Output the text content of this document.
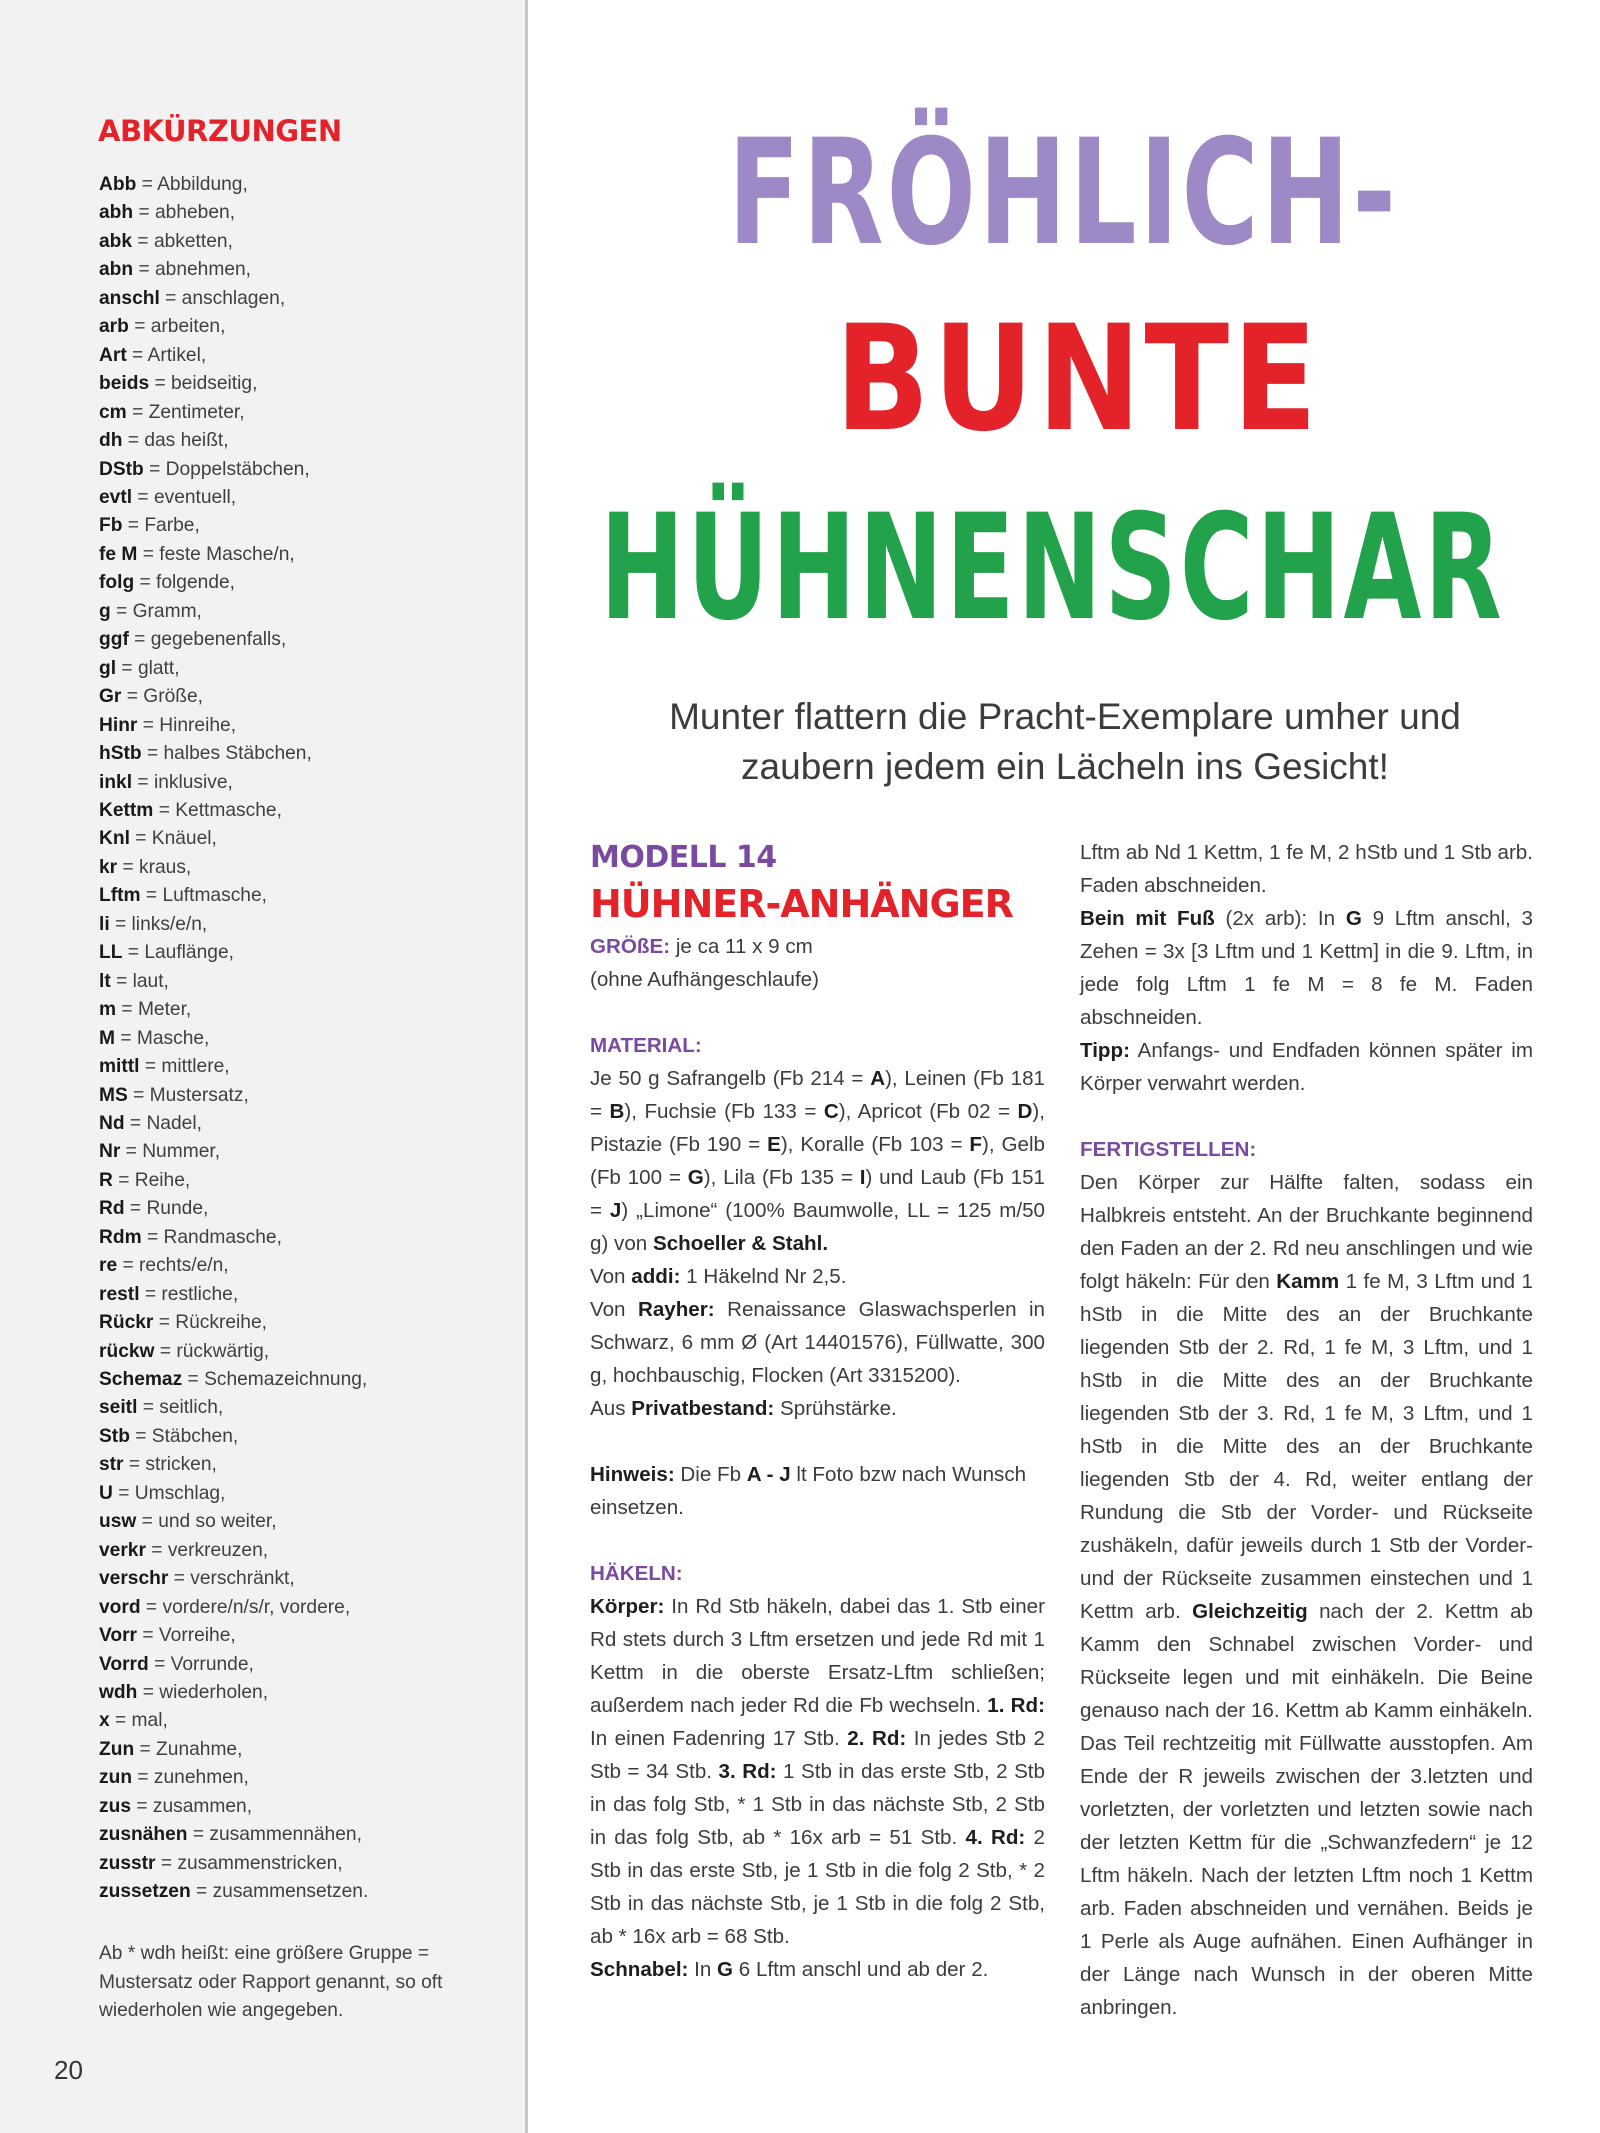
ABKÜRZUNGEN
Abb = Abbildung,
abh = abheben,
abk = abketten,
abn = abnehmen,
anschl = anschlagen,
arb = arbeiten,
Art = Artikel,
beids = beidseitig,
cm = Zentimeter,
dh = das heißt,
DStb = Doppelstäbchen,
evtl = eventuell,
Fb = Farbe,
fe M = feste Masche/n,
folg = folgende,
g = Gramm,
ggf = gegebenenfalls,
gl = glatt,
Gr = Größe,
Hinr = Hinreihe,
hStb = halbes Stäbchen,
inkl = inklusive,
Kettm = Kettmasche,
Knl = Knäuel,
kr = kraus,
Lftm = Luftmasche,
li = links/e/n,
LL = Lauflänge,
lt = laut,
m = Meter,
M = Masche,
mittl = mittlere,
MS = Mustersatz,
Nd = Nadel,
Nr = Nummer,
R = Reihe,
Rd = Runde,
Rdm = Randmasche,
re = rechts/e/n,
restl = restliche,
Rückr = Rückreihe,
rückw = rückwärtig,
Schemaz = Schemazeichnung,
seitl = seitlich,
Stb = Stäbchen,
str = stricken,
U = Umschlag,
usw = und so weiter,
verkr = verkreuzen,
verschr = verschränkt,
vord = vordere/n/s/r, vordere,
Vorr = Vorreihe,
Vorrd = Vorrunde,
wdh = wiederholen,
x = mal,
Zun = Zunahme,
zun = zunehmen,
zus = zusammen,
zusnähen = zusammennähen,
zusstr = zusammenstricken,
zussetzen = zusammensetzen.

Ab * wdh heißt: eine größere Gruppe = Mustersatz oder Rapport genannt, so oft wiederholen wie angegeben.

20
FRÖHLICH-
BUNTE
HÜHNENSCHAR

Munter flattern die Pracht-Exemplare umher und
zaubern jedem ein Lächeln ins Gesicht!

MODELL 14

HÜHNER-ANHÄNGER

GRÖßE: je ca 11 x 9 cm
(ohne Aufhängeschlaufe)

MATERIAL:

Je 50 g Safrangelb (Fb 214 = A), Leinen (Fb 181 = B), Fuchsie (Fb 133 = C), Apricot (Fb 02 = D), Pistazie (Fb 190 = E), Koralle (Fb 103 = F), Gelb (Fb 100 = G), Lila (Fb 135 = I) und Laub (Fb 151 = J) „Limone“ (100% Baumwolle, LL = 125 m/50 g) von Schoeller & Stahl.

Von addi: 1 Häkelnd Nr 2,5.

Von Rayher: Renaissance Glaswachsperlen in Schwarz, 6 mm Ø (Art 14401576), Füllwatte, 300 g, hochbauschig, Flocken (Art 3315200).

Aus Privatbestand: Sprühstärke.

Hinweis: Die Fb A - J lt Foto bzw nach Wunsch einsetzen.

HÄKELN:

Körper: In Rd Stb häkeln, dabei das 1. Stb einer Rd stets durch 3 Lftm ersetzen und jede Rd mit 1 Kettm in die oberste Ersatz-Lftm schließen; außerdem nach jeder Rd die Fb wechseln. 1. Rd: In einen Fadenring 17 Stb. 2. Rd: In jedes Stb 2 Stb = 34 Stb. 3. Rd: 1 Stb in das erste Stb, 2 Stb in das folg Stb, * 1 Stb in das nächste Stb, 2 Stb in das folg Stb, ab * 16x arb = 51 Stb. 4. Rd: 2 Stb in das erste Stb, je 1 Stb in die folg 2 Stb, * 2 Stb in das nächste Stb, je 1 Stb in die folg 2 Stb, ab * 16x arb = 68 Stb.

Schnabel: In G 6 Lftm anschl und ab der 2.

Lftm ab Nd 1 Kettm, 1 fe M, 2 hStb und 1 Stb arb. Faden abschneiden.

Bein mit Fuß (2x arb): In G 9 Lftm anschl, 3 Zehen = 3x [3 Lftm und 1 Kettm] in die 9. Lftm, in jede folg Lftm 1 fe M = 8 fe M. Faden abschneiden.

Tipp: Anfangs- und Endfaden können später im Körper verwahrt werden.

FERTIGSTELLEN:

Den Körper zur Hälfte falten, sodass ein Halbkreis entsteht. An der Bruchkante beginnend den Faden an der 2. Rd neu anschlingen und wie folgt häkeln: Für den Kamm 1 fe M, 3 Lftm und 1 hStb in die Mitte des an der Bruchkante liegenden Stb der 2. Rd, 1 fe M, 3 Lftm, und 1 hStb in die Mitte des an der Bruchkante liegenden Stb der 3. Rd, 1 fe M, 3 Lftm, und 1 hStb in die Mitte des an der Bruchkante liegenden Stb der 4. Rd, weiter entlang der Rundung die Stb der Vorder- und Rückseite zushäkeln, dafür jeweils durch 1 Stb der Vorder- und der Rückseite zusammen einstechen und 1 Kettm arb. Gleichzeitig nach der 2. Kettm ab Kamm den Schnabel zwischen Vorder- und Rückseite legen und mit einhäkeln. Die Beine genauso nach der 16. Kettm ab Kamm einhäkeln. Das Teil rechtzeitig mit Füllwatte ausstopfen. Am Ende der R jeweils zwischen der 3.letzten und vorletzten, der vorletzten und letzten sowie nach der letzten Kettm für die „Schwanzfedern“ je 12 Lftm häkeln. Nach der letzten Lftm noch 1 Kettm arb. Faden abschneiden und vernähen. Beids je 1 Perle als Auge aufnähen. Einen Aufhänger in der Länge nach Wunsch in der oberen Mitte anbringen.
